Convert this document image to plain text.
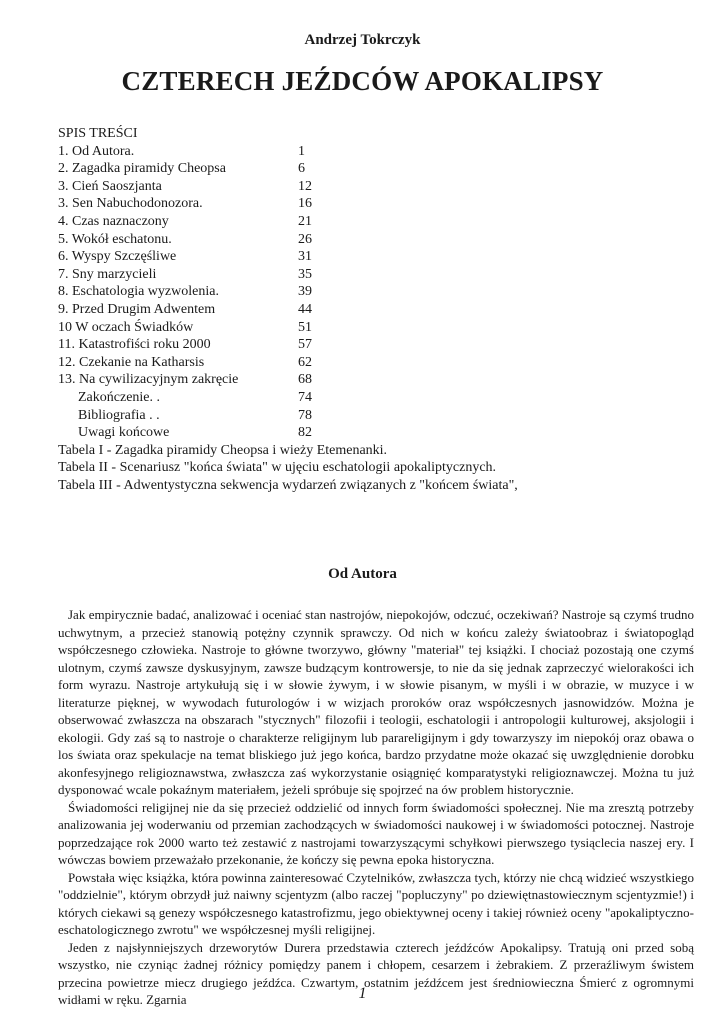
Andrzej Tokrczyk
CZTERECH JEŹDCÓW APOKALIPSY
SPIS TREŚCI
1. Od Autora.	1
2. Zagadka piramidy Cheopsa	6
3. Cień Saoszjanta	12
3. Sen Nabuchodonozora.	16
4. Czas naznaczony	21
5. Wokół eschatonu.	26
6. Wyspy Szczęśliwe	31
7. Sny marzycieli	35
8. Eschatologia wyzwolenia.	39
9. Przed Drugim Adwentem	44
10 W oczach Świadków	51
11. Katastrofiści roku 2000	57
12. Czekanie na Katharsis	62
13. Na cywilizacyjnym zakręcie	68
Zakończenie. .	74
Bibliografia . .	78
Uwagi końcowe	82
Tabela I - Zagadka piramidy Cheopsa i wieży Etemenanki.
Tabela II - Scenariusz "końca świata" w ujęciu eschatologii apokaliptycznych.
Tabela III - Adwentystyczna sekwencja wydarzeń związanych z "końcem świata",
Od Autora

Jak empirycznie badać, analizować i oceniać stan nastrojów, niepokojów, odczuć, oczekiwań? Nastroje są czymś trudno uchwytnym, a przecież stanowią potężny czynnik sprawczy. Od nich w końcu zależy światoobraz i światopogląd współczesnego człowieka. Nastroje to główne tworzywo, główny "materiał" tej książki. I chociaż pozostają one czymś ulotnym, czymś zawsze dyskusyjnym, zawsze budzącym kontrowersje, to nie da się jednak zaprzeczyć wielorakości ich form wyrazu. Nastroje artykułują się i w słowie żywym, i w słowie pisanym, w myśli i w obrazie, w muzyce i w literaturze pięknej, w wywodach futurologów i w wizjach proroków oraz współczesnych jasnowidzów. Można je obserwować zwłaszcza na obszarach "stycznych" filozofii i teologii, eschatologii i antropologii kulturowej, aksjologii i ekologii. Gdy zaś są to nastroje o charakterze religijnym lub parareligijnym i gdy towarzyszy im niepokój oraz obawa o los świata oraz spekulacje na temat bliskiego już jego końca, bardzo przydatne może okazać się uwzględnienie dorobku akonfesyjnego religioznawstwa, zwłaszcza zaś wykorzystanie osiągnięć komparatystyki religioznawczej. Można tu już dysponować wcale pokaźnym materiałem, jeżeli spróbuje się spojrzeć na ów problem historycznie.

Świadomości religijnej nie da się przecież oddzielić od innych form świadomości społecznej. Nie ma zresztą potrzeby analizowania jej woderwaniu od przemian zachodzących w świadomości naukowej i w świadomości potocznej. Nastroje poprzedzające rok 2000 warto też zestawić z nastrojami towarzyszącymi schyłkowi pierwszego tysiąclecia naszej ery. I wówczas bowiem przeważało przekonanie, że kończy się pewna epoka historyczna.

Powstała więc książka, która powinna zainteresować Czytelników, zwłaszcza tych, którzy nie chcą widzieć wszystkiego "oddzielnie", którym obrzydł już naiwny scjentyzm (albo raczej "popluczyny" po dziewiętnastowiecznym scjentyzmie!) i których ciekawi są genezy współczesnego katastrofizmu, jego obiektywnej oceny i takiej również oceny "apokaliptyczno-eschatologicznego zwrotu" we współczesnej myśli religijnej.

Jeden z najsłynniejszych drzeworytów Durera przedstawia czterech jeźdźców Apokalipsy. Tratują oni przed sobą wszystko, nie czyniąc żadnej różnicy pomiędzy panem i chłopem, cesarzem i żebrakiem. Z przeraźliwym świstem przecina powietrze miecz drugiego jeźdźca. Czwartym, ostatnim jeźdźcem jest średniowieczna Śmierć z ogromnymi widłami w ręku. Zgarnia	1
